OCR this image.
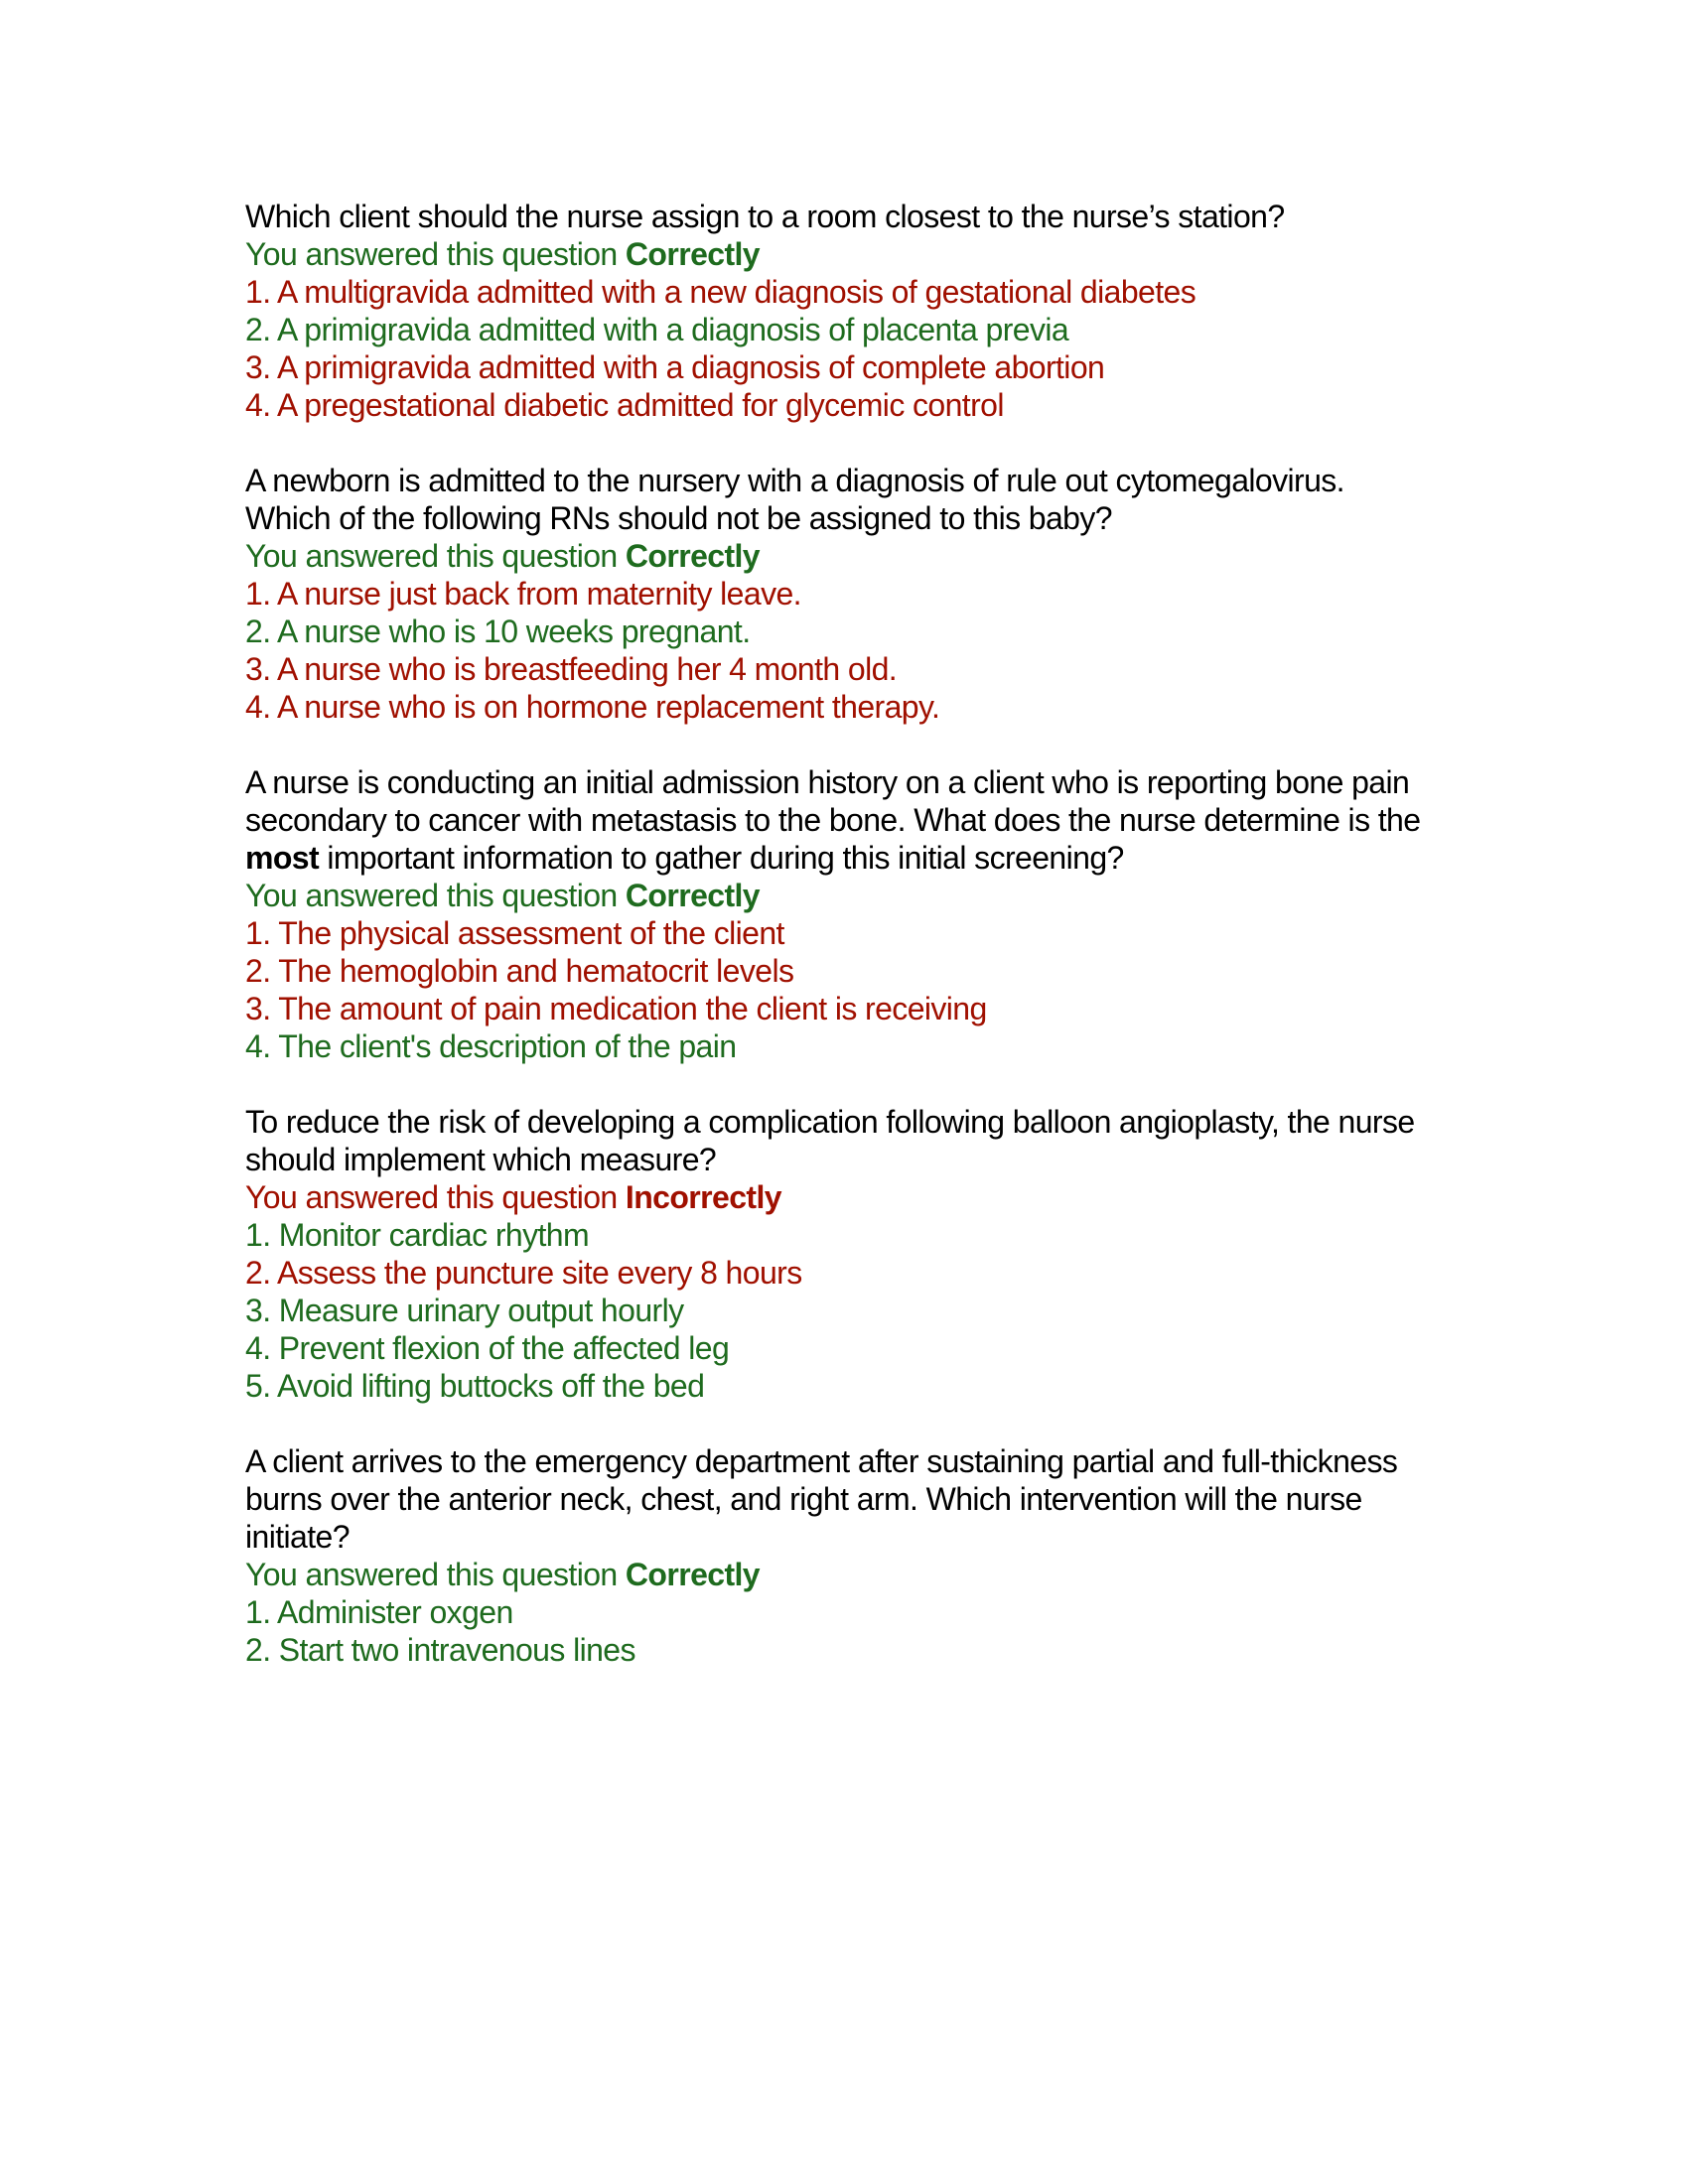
Which client should the nurse assign to a room closest to the nurse’s station?

You answered this question Correctly
1. A multigravida admitted with a new diagnosis of gestational diabetes
2. A primigravida admitted with a diagnosis of placenta previa
3. A primigravida admitted with a diagnosis of complete abortion
4. A pregestational diabetic admitted for glycemic control

A newborn is admitted to the nursery with a diagnosis of rule out cytomegalovirus. Which of the following RNs should not be assigned to this baby?

You answered this question Correctly
1. A nurse just back from maternity leave.
2. A nurse who is 10 weeks pregnant.
3. A nurse who is breastfeeding her 4 month old.
4. A nurse who is on hormone replacement therapy.

A nurse is conducting an initial admission history on a client who is reporting bone pain secondary to cancer with metastasis to the bone. What does the nurse determine is the most important information to gather during this initial screening?

You answered this question Correctly
1. The physical assessment of the client
2. The hemoglobin and hematocrit levels
3. The amount of pain medication the client is receiving
4. The client's description of the pain

To reduce the risk of developing a complication following balloon angioplasty, the nurse should implement which measure?

You answered this question Incorrectly
1. Monitor cardiac rhythm
2. Assess the puncture site every 8 hours
3. Measure urinary output hourly
4. Prevent flexion of the affected leg
5. Avoid lifting buttocks off the bed

A client arrives to the emergency department after sustaining partial and full-thickness burns over the anterior neck, chest, and right arm. Which intervention will the nurse initiate?

You answered this question Correctly
1. Administer oxgen
2. Start two intravenous lines
